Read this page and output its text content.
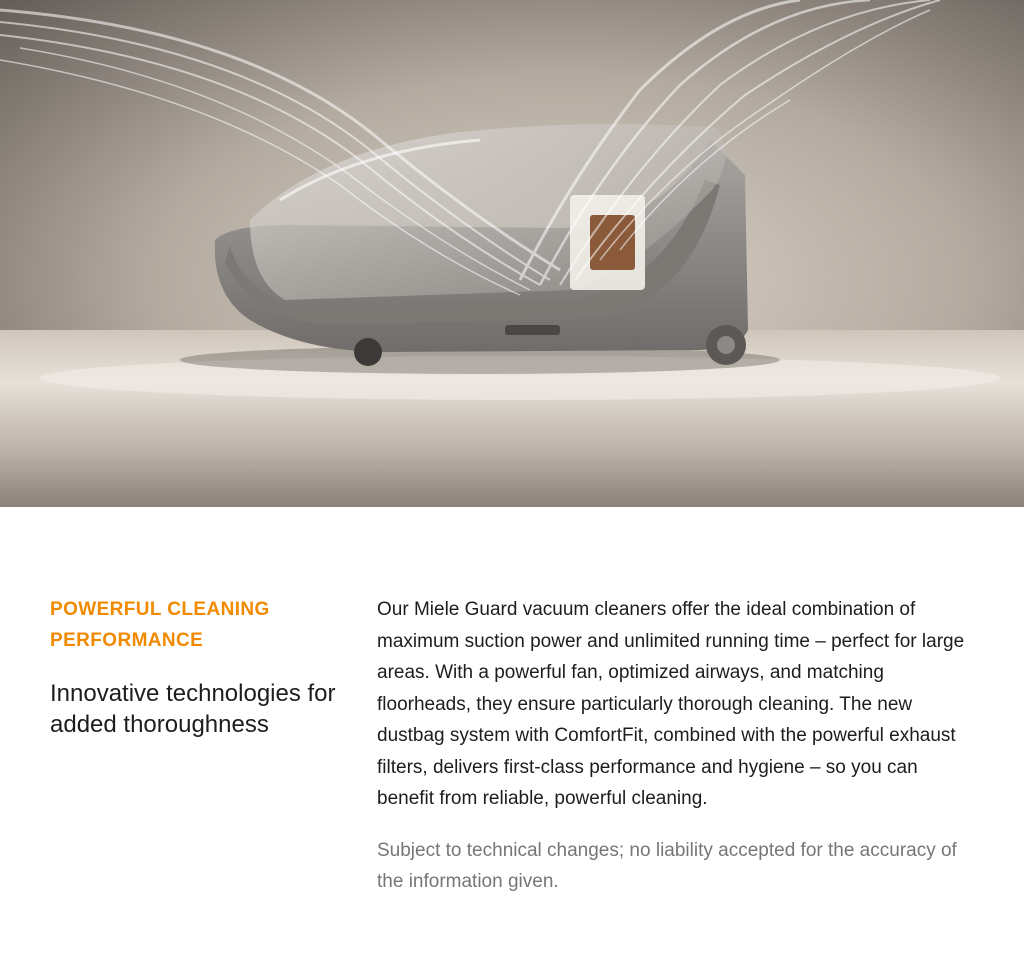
POWERFUL CLEANING PERFORMANCE

Innovative technologies for added thoroughness

Our Miele Guard vacuum cleaners offer the ideal combination of maximum suction power and unlimited running time – perfect for large areas. With a powerful fan, optimized airways, and matching floorheads, they ensure particularly thorough cleaning. The new dustbag system with ComfortFit, combined with the powerful exhaust filters, delivers first-class performance and hygiene – so you can benefit from reliable, powerful cleaning.

Subject to technical changes; no liability accepted for the accuracy of the information given.
